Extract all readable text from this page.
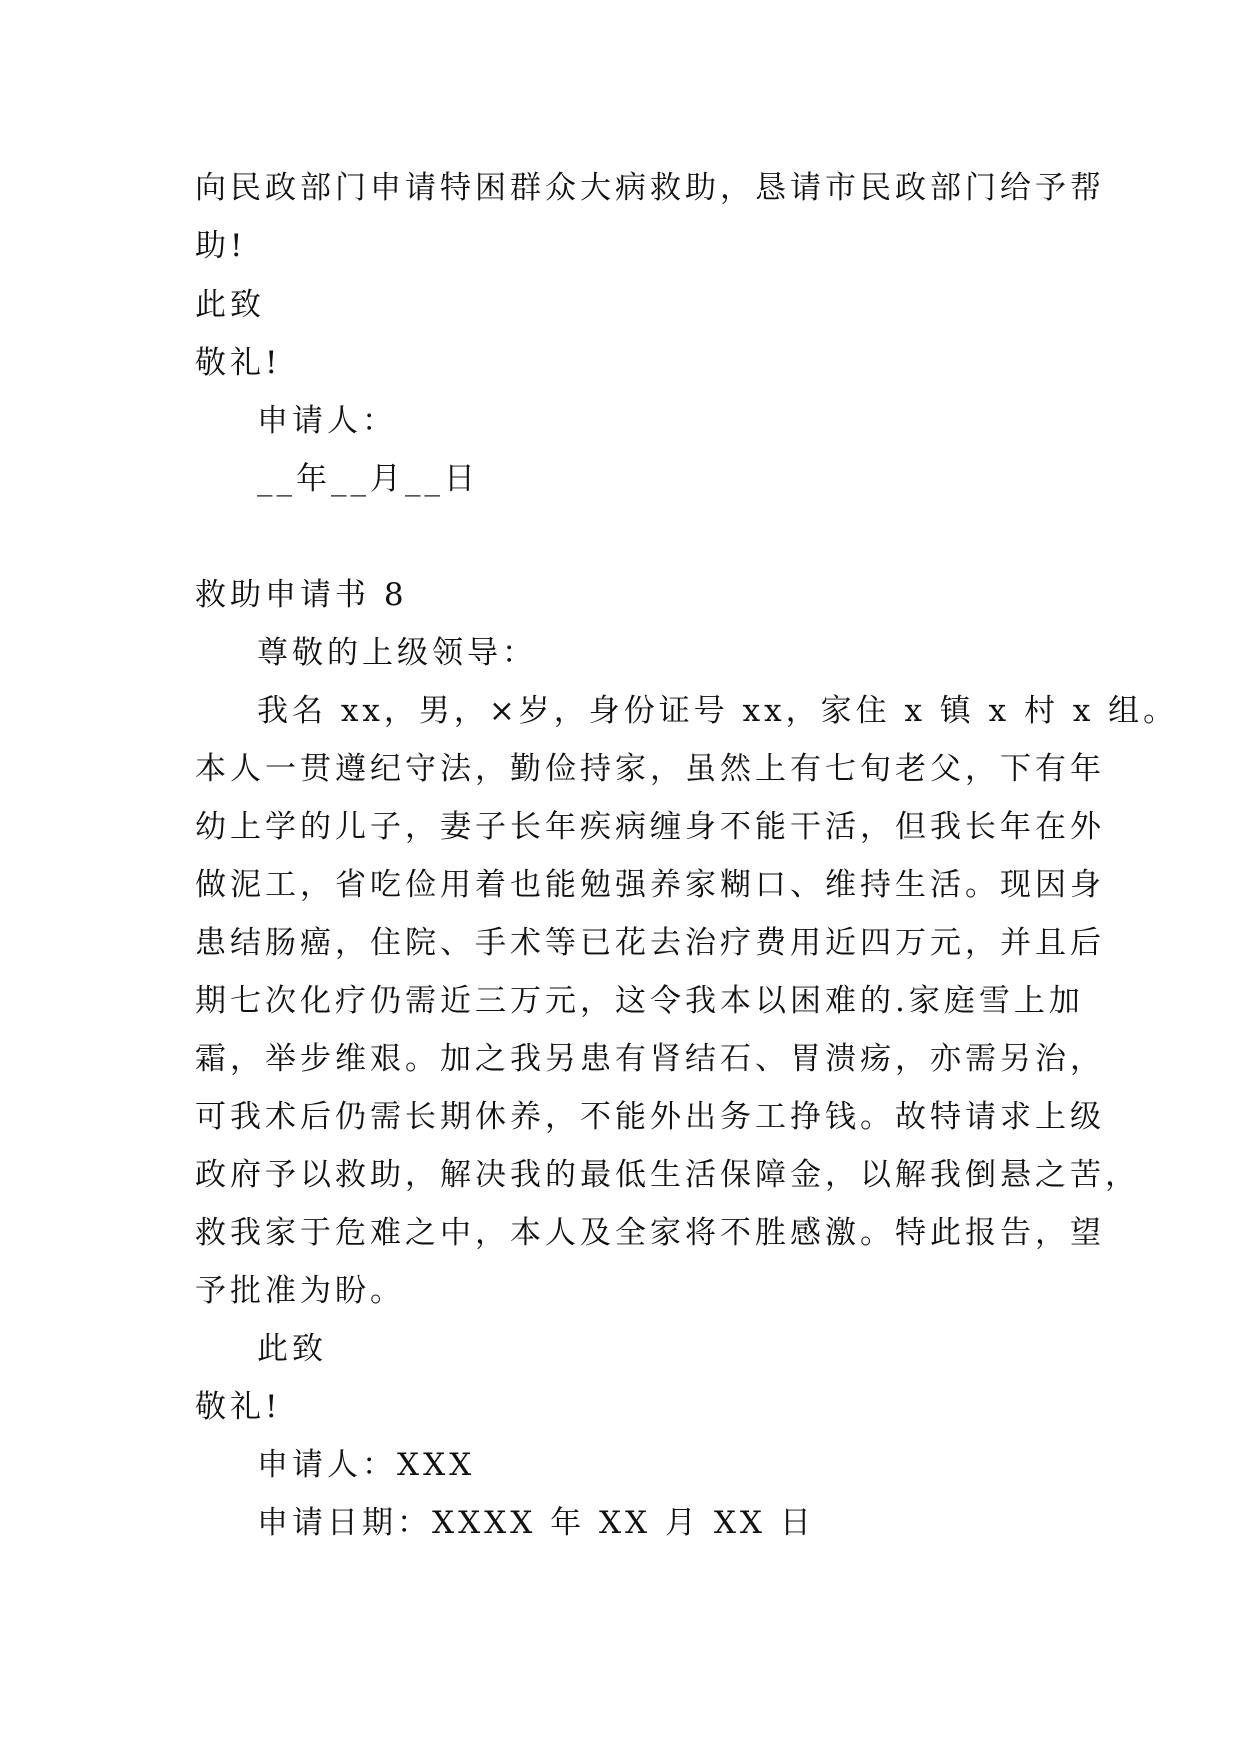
向民政部门申请特困群众大病救助，恳请市民政部门给予帮
助!
此致
敬礼!
申请人：
__年__月__日
救助申请书 8
尊敬的上级领导：
我名 xx，男，×岁，身份证号 xx，家住 x 镇 x 村 x 组。
本人一贯遵纪守法，勤俭持家，虽然上有七旬老父，下有年
幼上学的儿子，妻子长年疾病缠身不能干活，但我长年在外
做泥工，省吃俭用着也能勉强养家糊口、维持生活。现因身
患结肠癌，住院、手术等已花去治疗费用近四万元，并且后
期七次化疗仍需近三万元，这令我本以困难的.家庭雪上加
霜，举步维艰。加之我另患有肾结石、胃溃疡，亦需另治，
可我术后仍需长期休养，不能外出务工挣钱。故特请求上级
政府予以救助，解决我的最低生活保障金，以解我倒悬之苦，
救我家于危难之中，本人及全家将不胜感激。特此报告，望
予批准为盼。
此致
敬礼!
申请人：XXX
申请日期：XXXX 年 XX 月 XX 日
